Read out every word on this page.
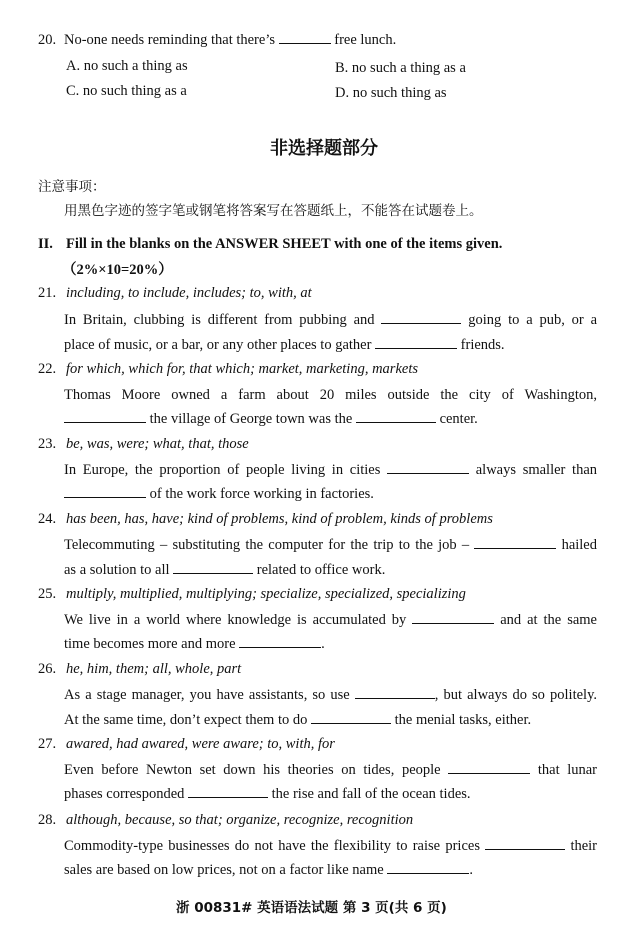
20. No-one needs reminding that there’s	free lunch.
A. no such a thing as	B. no such a thing as a
C. no such thing as a	D. no such thing as
非选择题部分
注意事项：
用黑色字迹的签字笔或钢笔将答案写在答题纸上，不能答在试题卷上。
II. Fill in the blanks on the ANSWER SHEET with one of the items given.
（2%×10=20%）
21. including, to include, includes; to, with, at
In Britain, clubbing is different from pubbing and	going to a pub, or a
place of music, or a bar, or any other places to gather	friends.
22. for which, which for, that which; market, marketing, markets
Thomas Moore owned a farm about 20 miles outside the city of Washington,
the village of George town was the	center.
23. be, was, were; what, that, those
In Europe, the proportion of people living in cities	always smaller than
of the work force working in factories.
24. has been, has, have; kind of problems, kind of problem, kinds of problems
Telecommuting – substituting the computer for the trip to the job –	hailed
as a solution to all	related to office work.
25. multiply, multiplied, multiplying; specialize, specialized, specializing
We live in a world where knowledge is accumulated by	and at the same
time becomes more and more	.
26. he, him, them; all, whole, part
As a stage manager, you have assistants, so use	, but always do so politely.
At the same time, don’t expect them to do	the menial tasks, either.
27. awared, had awared, were aware; to, with, for
Even before Newton set down his theories on tides, people	that lunar
phases corresponded	the rise and fall of the ocean tides.
28. although, because, so that; organize, recognize, recognition
Commodity-type businesses do not have the flexibility to raise prices	their
sales are based on low prices, not on a factor like name	.
浙 00831# 英语语法试题 第 3 页(共 6 页)
